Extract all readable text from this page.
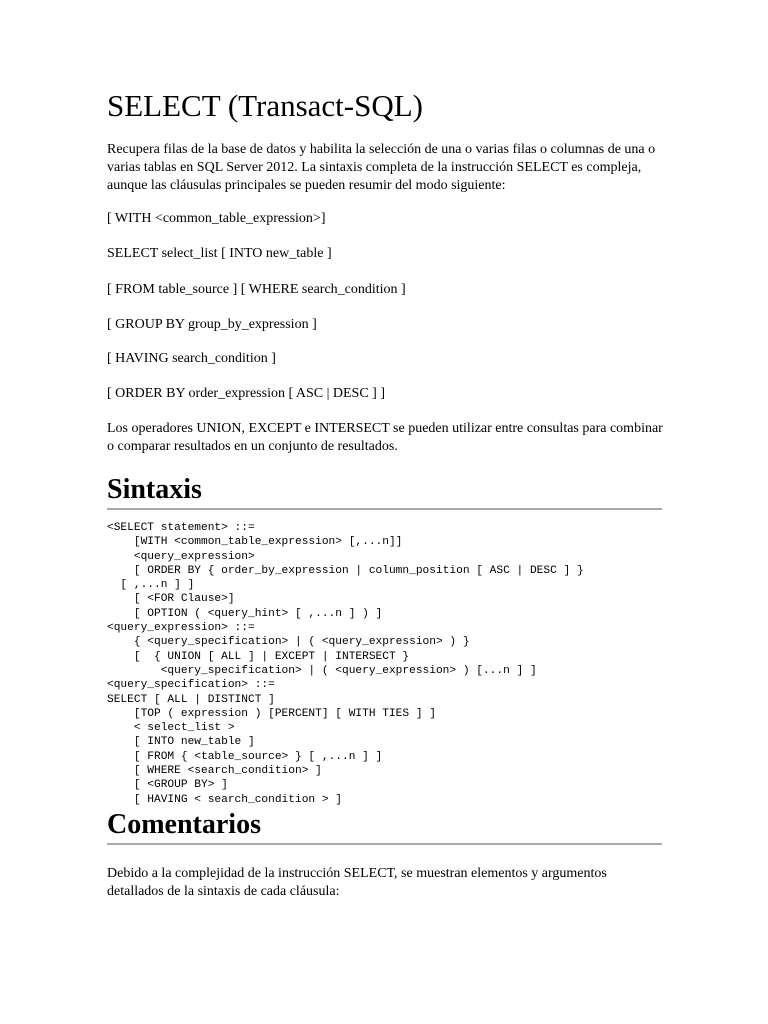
SELECT (Transact-SQL)

Recupera filas de la base de datos y habilita la selección de una o varias filas o columnas de una o varias tablas en SQL Server 2012. La sintaxis completa de la instrucción SELECT es compleja, aunque las cláusulas principales se pueden resumir del modo siguiente:

[ WITH <common_table_expression>]

SELECT select_list [ INTO new_table ]

[ FROM table_source ] [ WHERE search_condition ]

[ GROUP BY group_by_expression ]

[ HAVING search_condition ]

[ ORDER BY order_expression [ ASC | DESC ] ]

Los operadores UNION, EXCEPT e INTERSECT se pueden utilizar entre consultas para combinar o comparar resultados en un conjunto de resultados.

Sintaxis
<SELECT statement> ::=
[WITH <common_table_expression> [,...n]]
<query_expression>
[ ORDER BY { order_by_expression | column_position [ ASC | DESC ] }
[ ,...n ] ]
[ <FOR Clause>]
[ OPTION ( <query_hint> [ ,...n ] ) ]
<query_expression> ::=
{ <query_specification> | ( <query_expression> ) }
[  { UNION [ ALL ] | EXCEPT | INTERSECT }
<query_specification> | ( <query_expression> ) [...n ] ]
<query_specification> ::=
SELECT [ ALL | DISTINCT ]
[TOP ( expression ) [PERCENT] [ WITH TIES ] ]
< select_list >
[ INTO new_table ]
[ FROM { <table_source> } [ ,...n ] ]
[ WHERE <search_condition> ]
[ <GROUP BY> ]
[ HAVING < search_condition > ]
Comentarios

Debido a la complejidad de la instrucción SELECT, se muestran elementos y argumentos detallados de la sintaxis de cada cláusula:
